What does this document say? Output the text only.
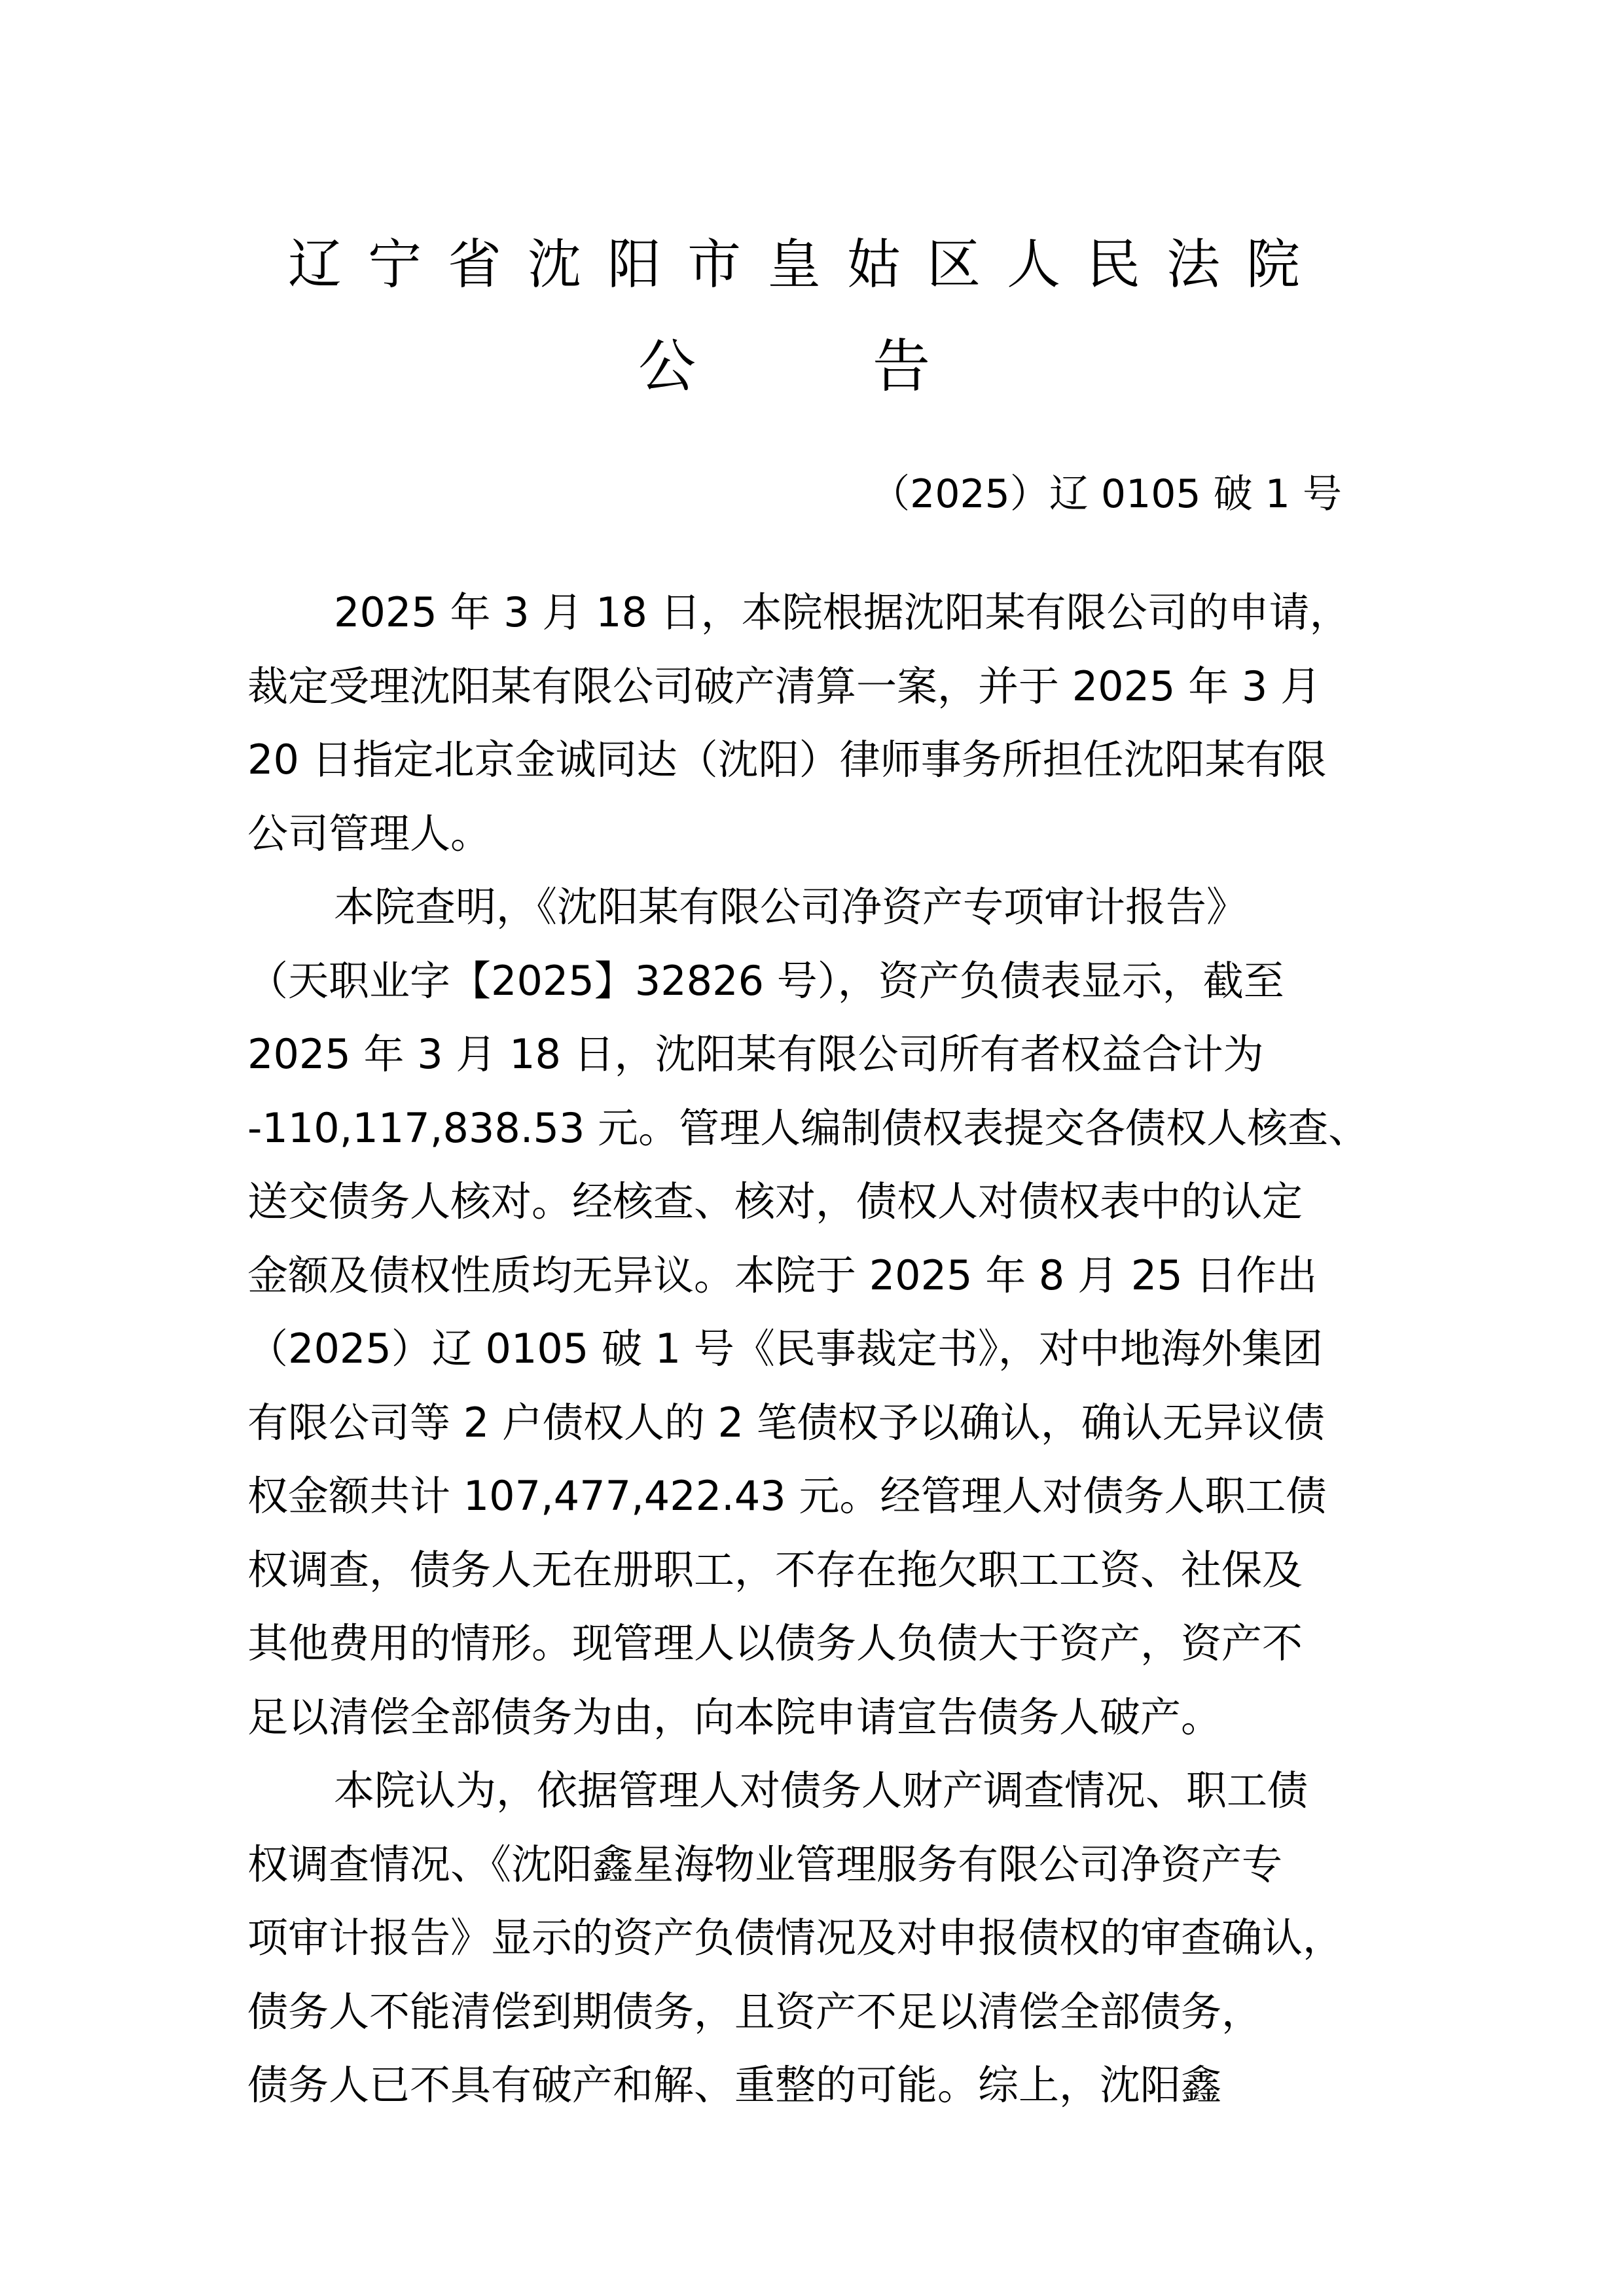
辽宁省沈阳市皇姑区人民法院
公	告
（2025）辽 0105 破 1 号
2025 年 3 月 18 日，本院根据沈阳某有限公司的申请，
裁定受理沈阳某有限公司破产清算一案，并于 2025 年 3 月
20 日指定北京金诚同达（沈阳）律师事务所担任沈阳某有限
公司管理人。
本院查明，《沈阳某有限公司净资产专项审计报告》
（天职业字【2025】32826 号），资产负债表显示，截至
2025 年 3 月 18 日，沈阳某有限公司所有者权益合计为
-110,117,838.53 元。管理人编制债权表提交各债权人核查、
送交债务人核对。经核查、核对，债权人对债权表中的认定
金额及债权性质均无异议。本院于 2025 年 8 月 25 日作出
（2025）辽 0105 破 1 号《民事裁定书》，对中地海外集团
有限公司等 2 户债权人的 2 笔债权予以确认，确认无异议债
权金额共计 107,477,422.43 元。经管理人对债务人职工债
权调查，债务人无在册职工，不存在拖欠职工工资、社保及
其他费用的情形。现管理人以债务人负债大于资产，资产不
足以清偿全部债务为由，向本院申请宣告债务人破产。
本院认为，依据管理人对债务人财产调查情况、职工债
权调查情况、《沈阳鑫星海物业管理服务有限公司净资产专
项审计报告》显示的资产负债情况及对申报债权的审查确认，
债务人不能清偿到期债务，且资产不足以清偿全部债务，
债务人已不具有破产和解、重整的可能。综上，沈阳鑫
